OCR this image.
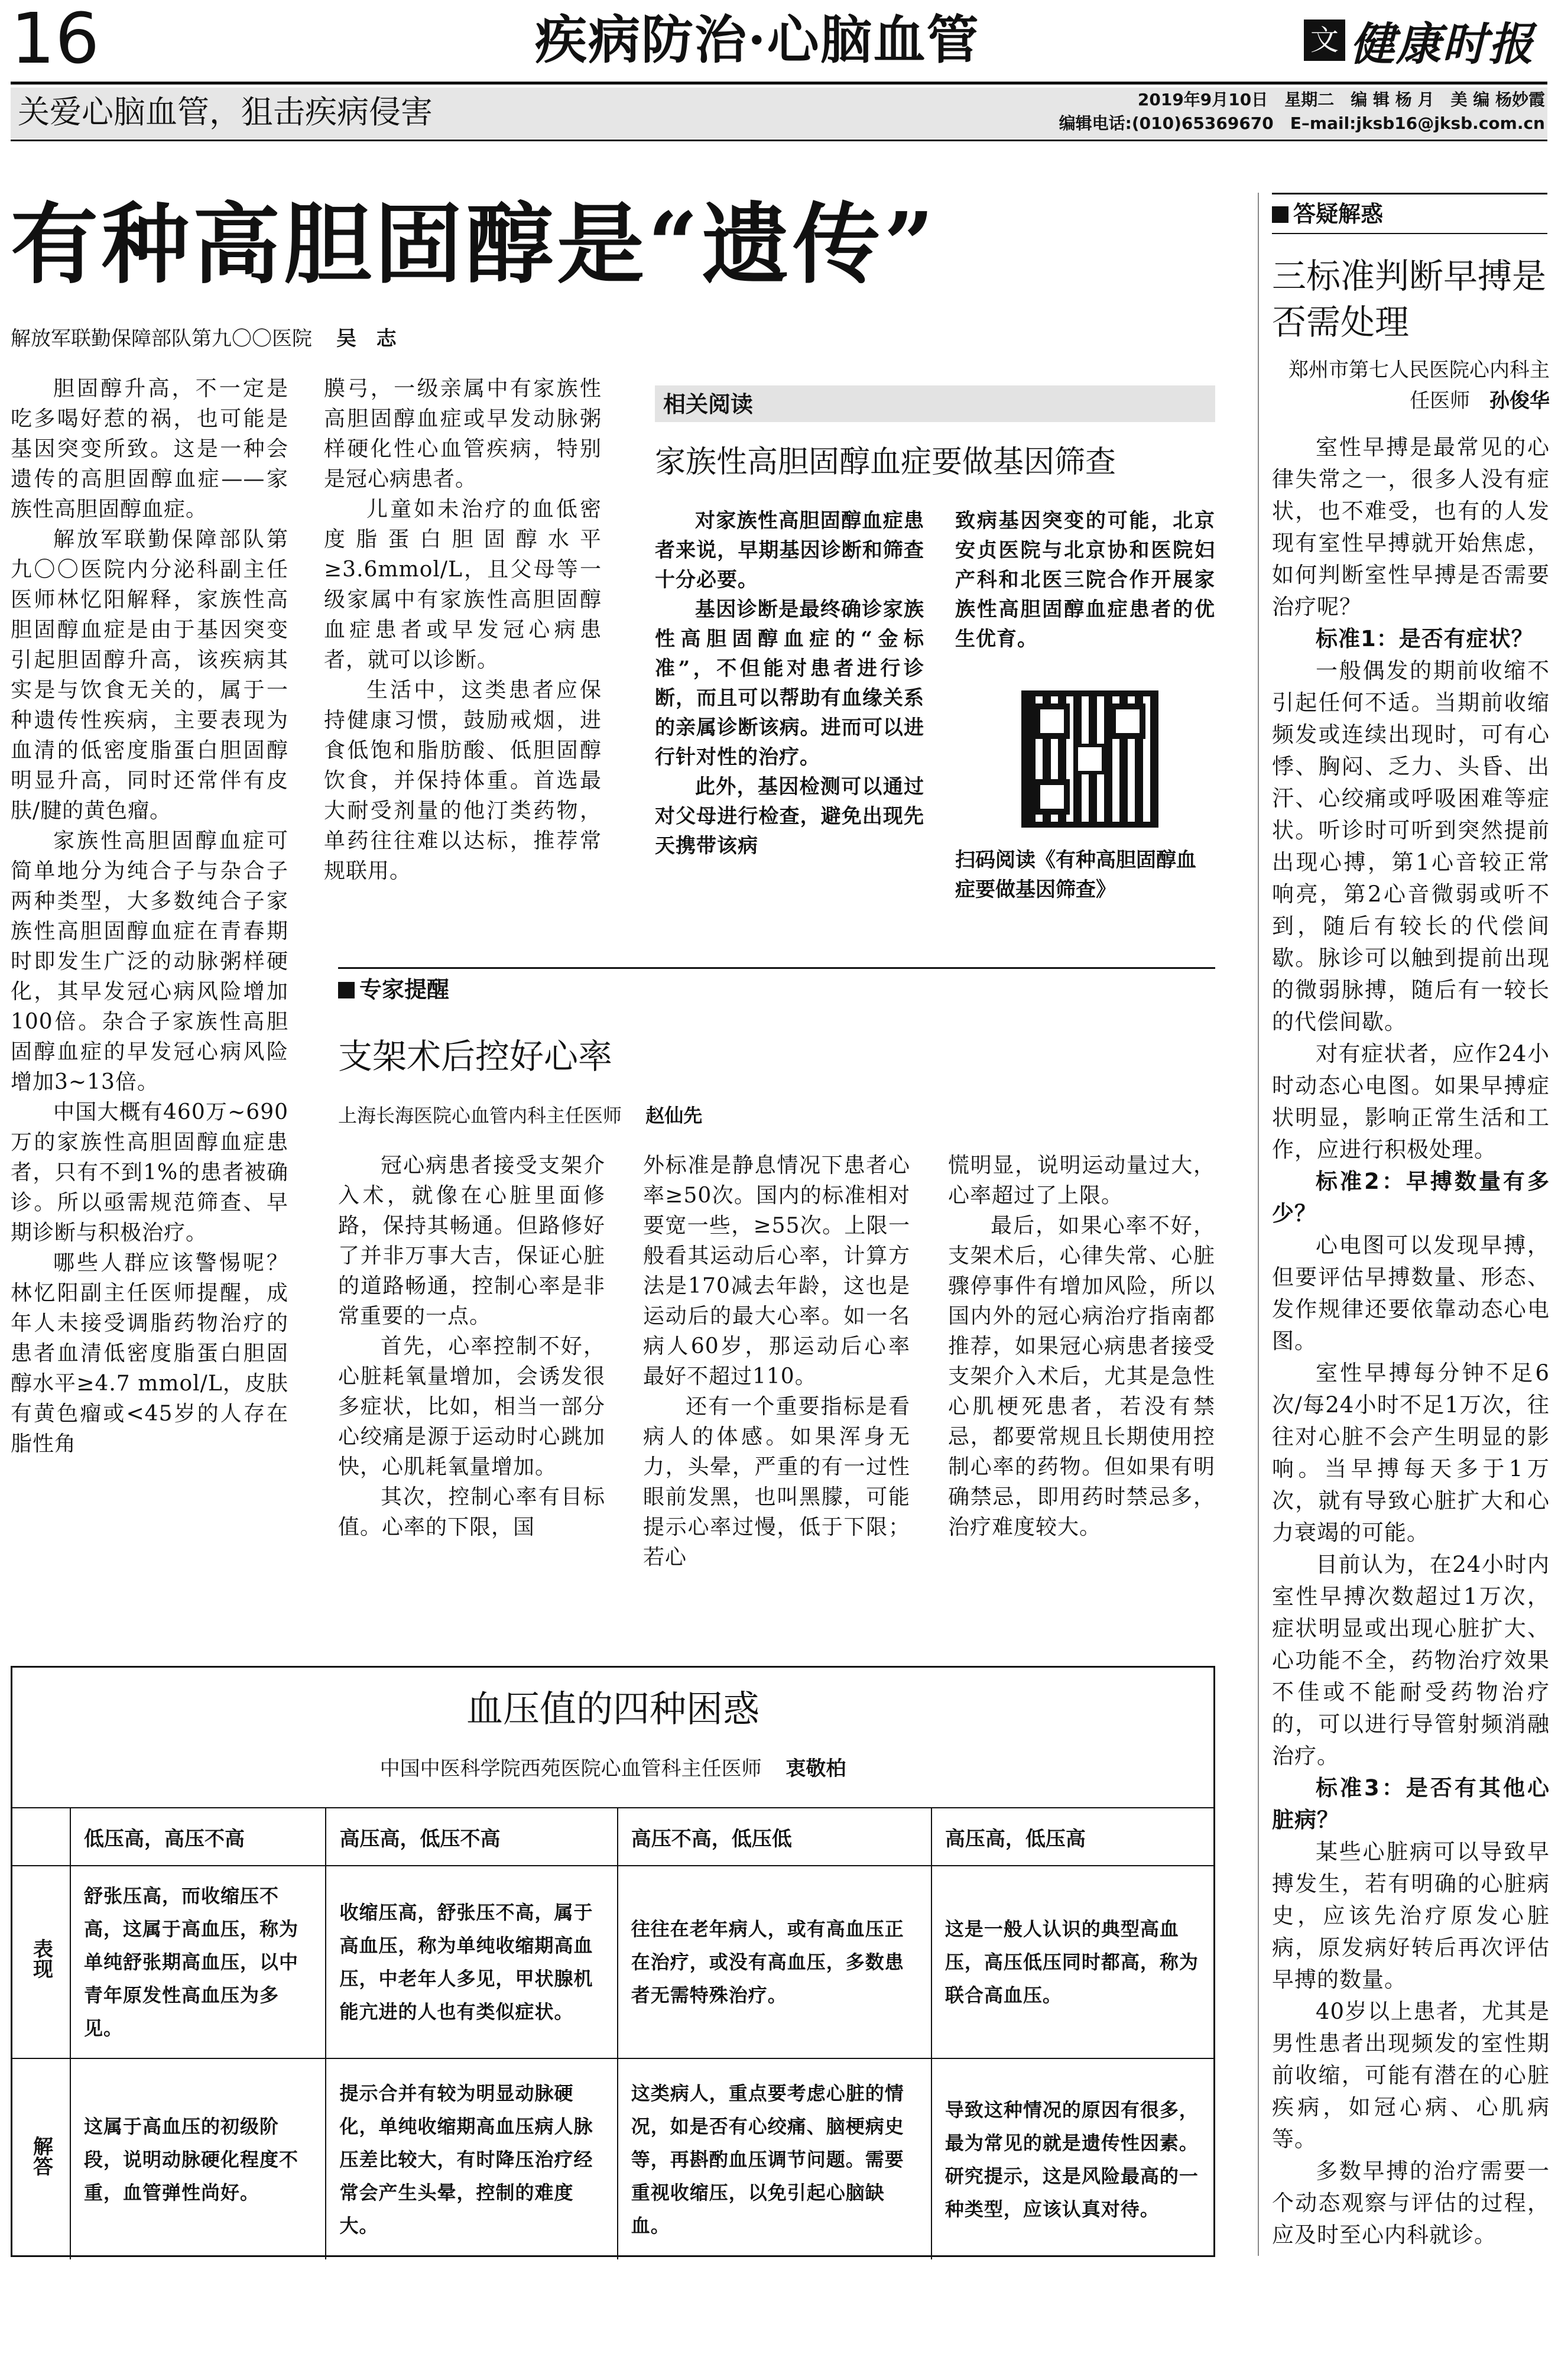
16	疾病防治·心脑血管	文 健康时报
关爱心脑血管，狙击疾病侵害	2019年9月10日　星期二　编 辑 杨 月　美 编 杨妙霞
编辑电话:(010)65369670　E–mail:jksb16@jksb.com.cn
有种高胆固醇是“遗传”
解放军联勤保障部队第九〇〇医院 吴　志

胆固醇升高，不一定是吃多喝好惹的祸，也可能是基因突变所致。这是一种会遗传的高胆固醇血症——家族性高胆固醇血症。

解放军联勤保障部队第九〇〇医院内分泌科副主任医师林忆阳解释，家族性高胆固醇血症是由于基因突变引起胆固醇升高，该疾病其实是与饮食无关的，属于一种遗传性疾病，主要表现为血清的低密度脂蛋白胆固醇明显升高，同时还常伴有皮肤/腱的黄色瘤。

家族性高胆固醇血症可简单地分为纯合子与杂合子两种类型，大多数纯合子家族性高胆固醇血症在青春期时即发生广泛的动脉粥样硬化，其早发冠心病风险增加100倍。杂合子家族性高胆固醇血症的早发冠心病风险增加3~13倍。

中国大概有460万~690万的家族性高胆固醇血症患者，只有不到1%的患者被确诊。所以亟需规范筛查、早期诊断与积极治疗。

哪些人群应该警惕呢？林忆阳副主任医师提醒，成年人未接受调脂药物治疗的患者血清低密度脂蛋白胆固醇水平≥4.7 mmol/L，皮肤有黄色瘤或<45岁的人存在脂性角

膜弓，一级亲属中有家族性高胆固醇血症或早发动脉粥样硬化性心血管疾病，特别是冠心病患者。

儿童如未治疗的血低密度脂蛋白胆固醇水平≥3.6mmol/L，且父母等一级家属中有家族性高胆固醇血症患者或早发冠心病患者，就可以诊断。

生活中，这类患者应保持健康习惯，鼓励戒烟，进食低饱和脂肪酸、低胆固醇饮食，并保持体重。首选最大耐受剂量的他汀类药物，单药往往难以达标，推荐常规联用。

相关阅读
家族性高胆固醇血症要做基因筛查

对家族性高胆固醇血症患者来说，早期基因诊断和筛查十分必要。

基因诊断是最终确诊家族性高胆固醇血症的“金标准”，不但能对患者进行诊断，而且可以帮助有血缘关系的亲属诊断该病。进而可以进行针对性的治疗。

此外，基因检测可以通过对父母进行检查，避免出现先天携带该病

致病基因突变的可能，北京安贞医院与北京协和医院妇产科和北医三院合作开展家族性高胆固醇血症患者的优生优育。

扫码阅读《有种高胆固醇血症要做基因筛查》
专家提醒
支架术后控好心率
上海长海医院心血管内科主任医师 赵仙先

冠心病患者接受支架介入术，就像在心脏里面修路，保持其畅通。但路修好了并非万事大吉，保证心脏的道路畅通，控制心率是非常重要的一点。

首先，心率控制不好，心脏耗氧量增加，会诱发很多症状，比如，相当一部分心绞痛是源于运动时心跳加快，心肌耗氧量增加。

其次，控制心率有目标值。心率的下限，国

外标准是静息情况下患者心率≥50次。国内的标准相对要宽一些，≥55次。上限一般看其运动后心率，计算方法是170减去年龄，这也是运动后的最大心率。如一名病人60岁，那运动后心率最好不超过110。

还有一个重要指标是看病人的体感。如果浑身无力，头晕，严重的有一过性眼前发黑，也叫黑朦，可能提示心率过慢，低于下限；若心

慌明显，说明运动量过大，心率超过了上限。

最后，如果心率不好，支架术后，心律失常、心脏骤停事件有增加风险，所以国内外的冠心病治疗指南都推荐，如果冠心病患者接受支架介入术后，尤其是急性心肌梗死患者，若没有禁忌，都要常规且长期使用控制心率的药物。但如果有明确禁忌，即用药时禁忌多，治疗难度较大。

答疑解惑
三标准判断早搏是否需处理
郑州市第七人民医院心内科主任医师 孙俊华

室性早搏是最常见的心律失常之一，很多人没有症状，也不难受，也有的人发现有室性早搏就开始焦虑，如何判断室性早搏是否需要治疗呢？

标准1：是否有症状？

一般偶发的期前收缩不引起任何不适。当期前收缩频发或连续出现时，可有心悸、胸闷、乏力、头昏、出汗、心绞痛或呼吸困难等症状。听诊时可听到突然提前出现心搏，第1心音较正常响亮，第2心音微弱或听不到，随后有较长的代偿间歇。脉诊可以触到提前出现的微弱脉搏，随后有一较长的代偿间歇。

对有症状者，应作24小时动态心电图。如果早搏症状明显，影响正常生活和工作，应进行积极处理。

标准2：早搏数量有多少？

心电图可以发现早搏，但要评估早搏数量、形态、发作规律还要依靠动态心电图。

室性早搏每分钟不足6次/每24小时不足1万次，往往对心脏不会产生明显的影响。当早搏每天多于1万次，就有导致心脏扩大和心力衰竭的可能。

目前认为，在24小时内室性早搏次数超过1万次，症状明显或出现心脏扩大、心功能不全，药物治疗效果不佳或不能耐受药物治疗的，可以进行导管射频消融治疗。

标准3：是否有其他心脏病？

某些心脏病可以导致早搏发生，若有明确的心脏病史，应该先治疗原发心脏病，原发病好转后再次评估早搏的数量。

40岁以上患者，尤其是男性患者出现频发的室性期前收缩，可能有潜在的心脏疾病，如冠心病、心肌病等。

多数早搏的治疗需要一个动态观察与评估的过程，应及时至心内科就诊。

血压值的四种困惑
中国中医科学院西苑医院心血管科主任医师 衷敬柏
	低压高，高压不高	高压高，低压不高	高压不高，低压低	高压高，低压高
表现	舒张压高，而收缩压不高，这属于高血压，称为单纯舒张期高血压，以中青年原发性高血压为多见。	收缩压高，舒张压不高，属于高血压，称为单纯收缩期高血压，中老年人多见，甲状腺机能亢进的人也有类似症状。	往往在老年病人，或有高血压正在治疗，或没有高血压，多数患者无需特殊治疗。	这是一般人认识的典型高血压，高压低压同时都高，称为联合高血压。
解答	这属于高血压的初级阶段，说明动脉硬化程度不重，血管弹性尚好。	提示合并有较为明显动脉硬化，单纯收缩期高血压病人脉压差比较大，有时降压治疗经常会产生头晕，控制的难度大。	这类病人，重点要考虑心脏的情况，如是否有心绞痛、脑梗病史等，再斟酌血压调节问题。需要重视收缩压，以免引起心脑缺血。	导致这种情况的原因有很多，最为常见的就是遗传性因素。研究提示，这是风险最高的一种类型，应该认真对待。
